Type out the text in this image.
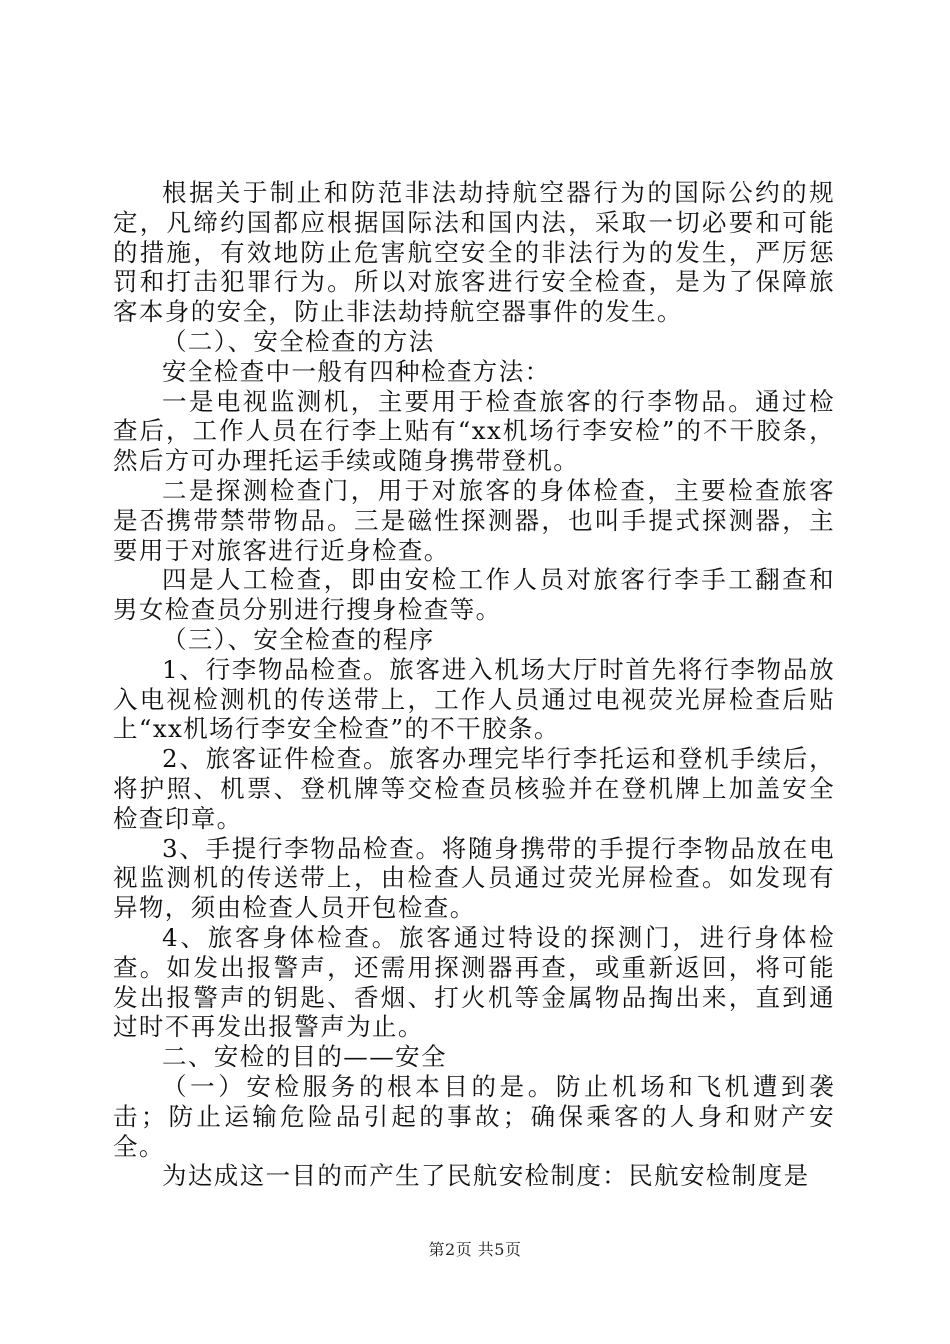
根据关于制止和防范非法劫持航空器行为的国际公约的规定，凡缔约国都应根据国际法和国内法，采取一切必要和可能的措施，有效地防止危害航空安全的非法行为的发生，严厉惩罚和打击犯罪行为。所以对旅客进行安全检查，是为了保障旅客本身的安全，防止非法劫持航空器事件的发生。

（二）、安全检查的方法

安全检查中一般有四种检查方法：

一是电视监测机，主要用于检查旅客的行李物品。通过检查后，工作人员在行李上贴有“xx机场行李安检”的不干胶条，然后方可办理托运手续或随身携带登机。

二是探测检查门，用于对旅客的身体检查，主要检查旅客是否携带禁带物品。三是磁性探测器，也叫手提式探测器，主要用于对旅客进行近身检查。

四是人工检查，即由安检工作人员对旅客行李手工翻查和男女检查员分别进行搜身检查等。

（三）、安全检查的程序

1、行李物品检查。旅客进入机场大厅时首先将行李物品放入电视检测机的传送带上，工作人员通过电视荧光屏检查后贴上“xx机场行李安全检查”的不干胶条。

2、旅客证件检查。旅客办理完毕行李托运和登机手续后，将护照、机票、登机牌等交检查员核验并在登机牌上加盖安全检查印章。

3、手提行李物品检查。将随身携带的手提行李物品放在电视监测机的传送带上，由检查人员通过荧光屏检查。如发现有异物，须由检查人员开包检查。

4、旅客身体检查。旅客通过特设的探测门，进行身体检查。如发出报警声，还需用探测器再查，或重新返回，将可能发出报警声的钥匙、香烟、打火机等金属物品掏出来，直到通过时不再发出报警声为止。

二、安检的目的——安全

（一）安检服务的根本目的是。防止机场和飞机遭到袭击；防止运输危险品引起的事故；确保乘客的人身和财产安全。

为达成这一目的而产生了民航安检制度：民航安检制度是

第2页 共5页
